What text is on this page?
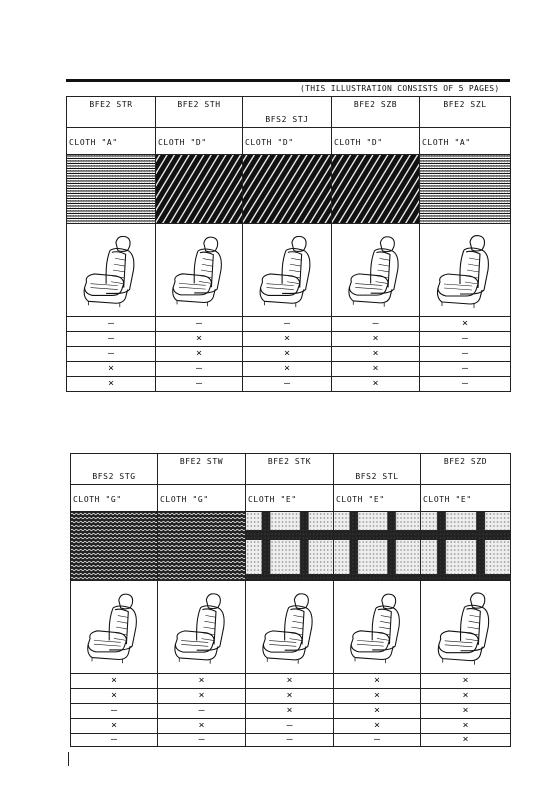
(THIS ILLUSTRATION CONSISTS OF 5 PAGES)
BFE2 STR	BFE2 STH	BFS2 STJ	BFE2 SZB	BFE2 SZL

CLOTH "A"	CLOTH "D"	CLOTH "D"	CLOTH "D"	CLOTH "A"

–	–	–	–	×
–	×	×	×	–
–	×	×	×	–
×	–	×	×	–
×	–	–	×	–
BFS2 STG	BFE2 STW	BFE2 STK	BFS2 STL	BFE2 SZD

CLOTH "G"	CLOTH "G"	CLOTH "E"	CLOTH "E"	CLOTH "E"

×	×	×	×	×
×	×	×	×	×
–	–	×	×	×
×	×	–	×	×
–	–	–	–	×
